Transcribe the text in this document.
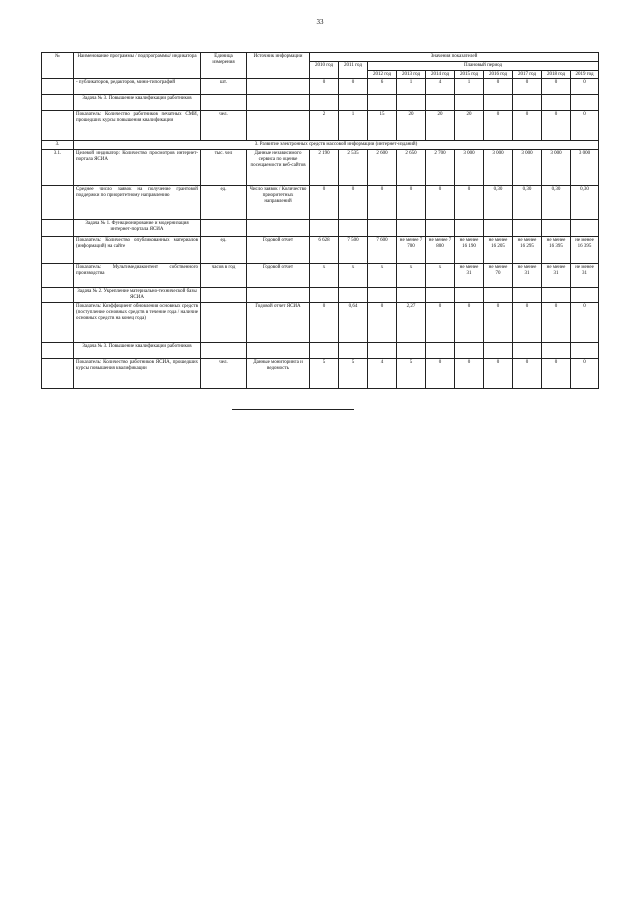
33
№	Наименование программы / подпрограммы/ индикатора	Единица измерения	Источник информации	Значения показателей									
				2010 год	2011 год	Плановый период							
						2012 год	2013 год	2014 год	2015 год	2016 год	2017 год	2018 год	2019 год
	- публикаторов, редакторов, мини-типографий	шт.		0	0	6	1	4	1	0	0	0	0
	Задача № 3. Повышение квалификации работников												
	Показатель: Количество работников печатных СМИ, прошедших курсы повышения квалификации	чел.		2	1	15	20	20	20	0	0	0	0
3.	3. Развитие электронных средств массовой информации (интернет-изданий)												
3.1.	Целевой индикатор: Количество просмотров интернет-портала ЯСИА	тыс. чел	Данные независимого сервиса по оценке посещаемости веб-сайтов	2 190	2 535	2 600	2 650	2 700	3 000	3 000	3 000	3 000	3 000
	Среднее число заявок на получение грантовой поддержки по приоритетному направлению	ед.	Число заявок / Количество приоритетных направлений	0	0	0	0	0	0	0,30	0,30	0,30	0,30
	Задача № 1. Функционирование и модернизация интернет-портала ЯСИА												
	Показатель: Количество опубликованных материалов (информаций) на сайте	ед.	Годовой отчет	6 628	7 500	7 600	не менее 7 700	не менее 7 800	не менее 16 190	не менее 16 205	не менее 16 295	не менее 16 395	не менее 16 395
	Показатель: Мультимедиаконтент собственного производства	часов в год	Годовой отчет	x	x	x	x	x	не менее 31	не менее 70	не менее 31	не менее 31	не менее 31
	Задача № 2. Укрепление материально-технической базы ЯСИА												
	Показатель: Коэффициент обновления основных средств (поступление основных средств в течение года / наличие основных средств на конец года)		Годовой отчет ЯСИА	0	0,64	0	2,27	0	0	0	0	0	0
	Задача № 3. Повышение квалификации работников												
	Показатель: Количество работников ЯСИА, прошедших курсы повышения квалификации	чел.	Данные мониторинга и ведомость	5	5	4	5	0	0	0	0	0	0
